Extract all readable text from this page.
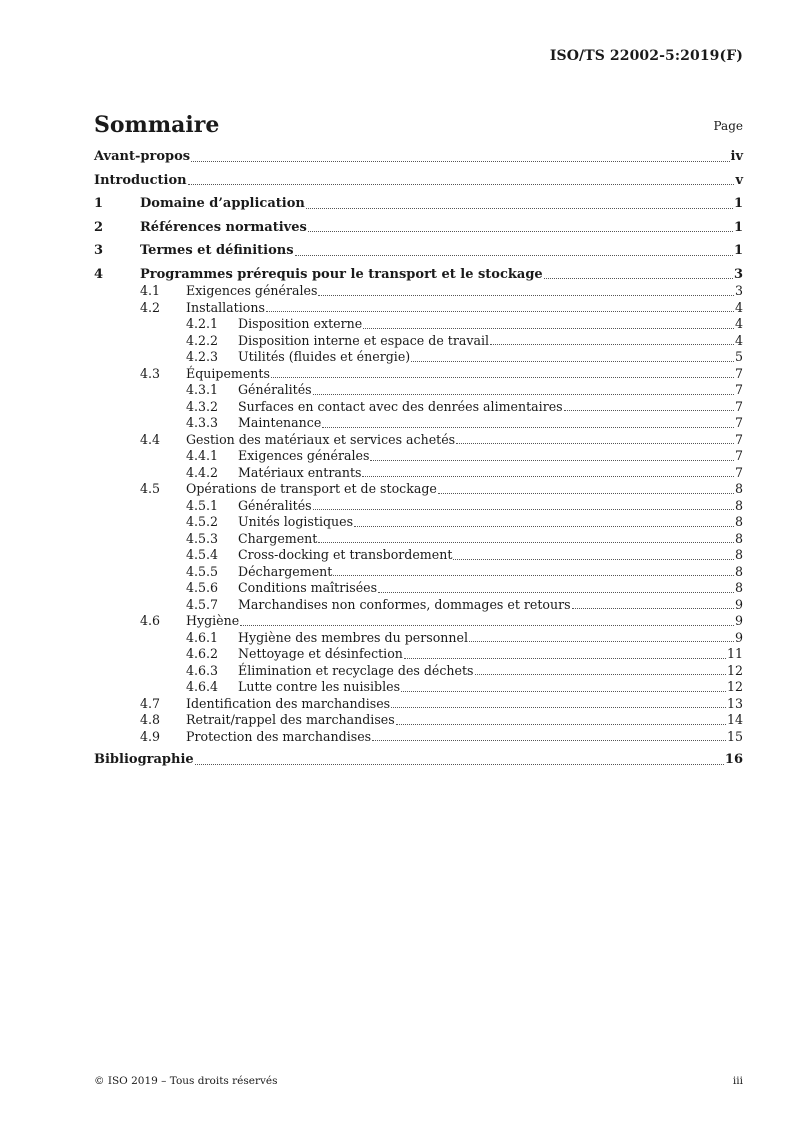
ISO/TS 22002-5:2019(F)
Sommaire	Page
Avant-propos	iv
Introduction	v
1	Domaine d’application	1
2	Références normatives	1
3	Termes et définitions	1
4	Programmes prérequis pour le transport et le stockage	3
4.1	Exigences générales	3
4.2	Installations	4
4.2.1	Disposition externe	4
4.2.2	Disposition interne et espace de travail	4
4.2.3	Utilités (fluides et énergie)	5
4.3	Équipements	7
4.3.1	Généralités	7
4.3.2	Surfaces en contact avec des denrées alimentaires	7
4.3.3	Maintenance	7
4.4	Gestion des matériaux et services achetés	7
4.4.1	Exigences générales	7
4.4.2	Matériaux entrants	7
4.5	Opérations de transport et de stockage	8
4.5.1	Généralités	8
4.5.2	Unités logistiques	8
4.5.3	Chargement	8
4.5.4	Cross-docking et transbordement	8
4.5.5	Déchargement	8
4.5.6	Conditions maîtrisées	8
4.5.7	Marchandises non conformes, dommages et retours	9
4.6	Hygiène	9
4.6.1	Hygiène des membres du personnel	9
4.6.2	Nettoyage et désinfection	11
4.6.3	Élimination et recyclage des déchets	12
4.6.4	Lutte contre les nuisibles	12
4.7	Identification des marchandises	13
4.8	Retrait/rappel des marchandises	14
4.9	Protection des marchandises	15
Bibliographie	16
© ISO 2019 – Tous droits réservés	iii
